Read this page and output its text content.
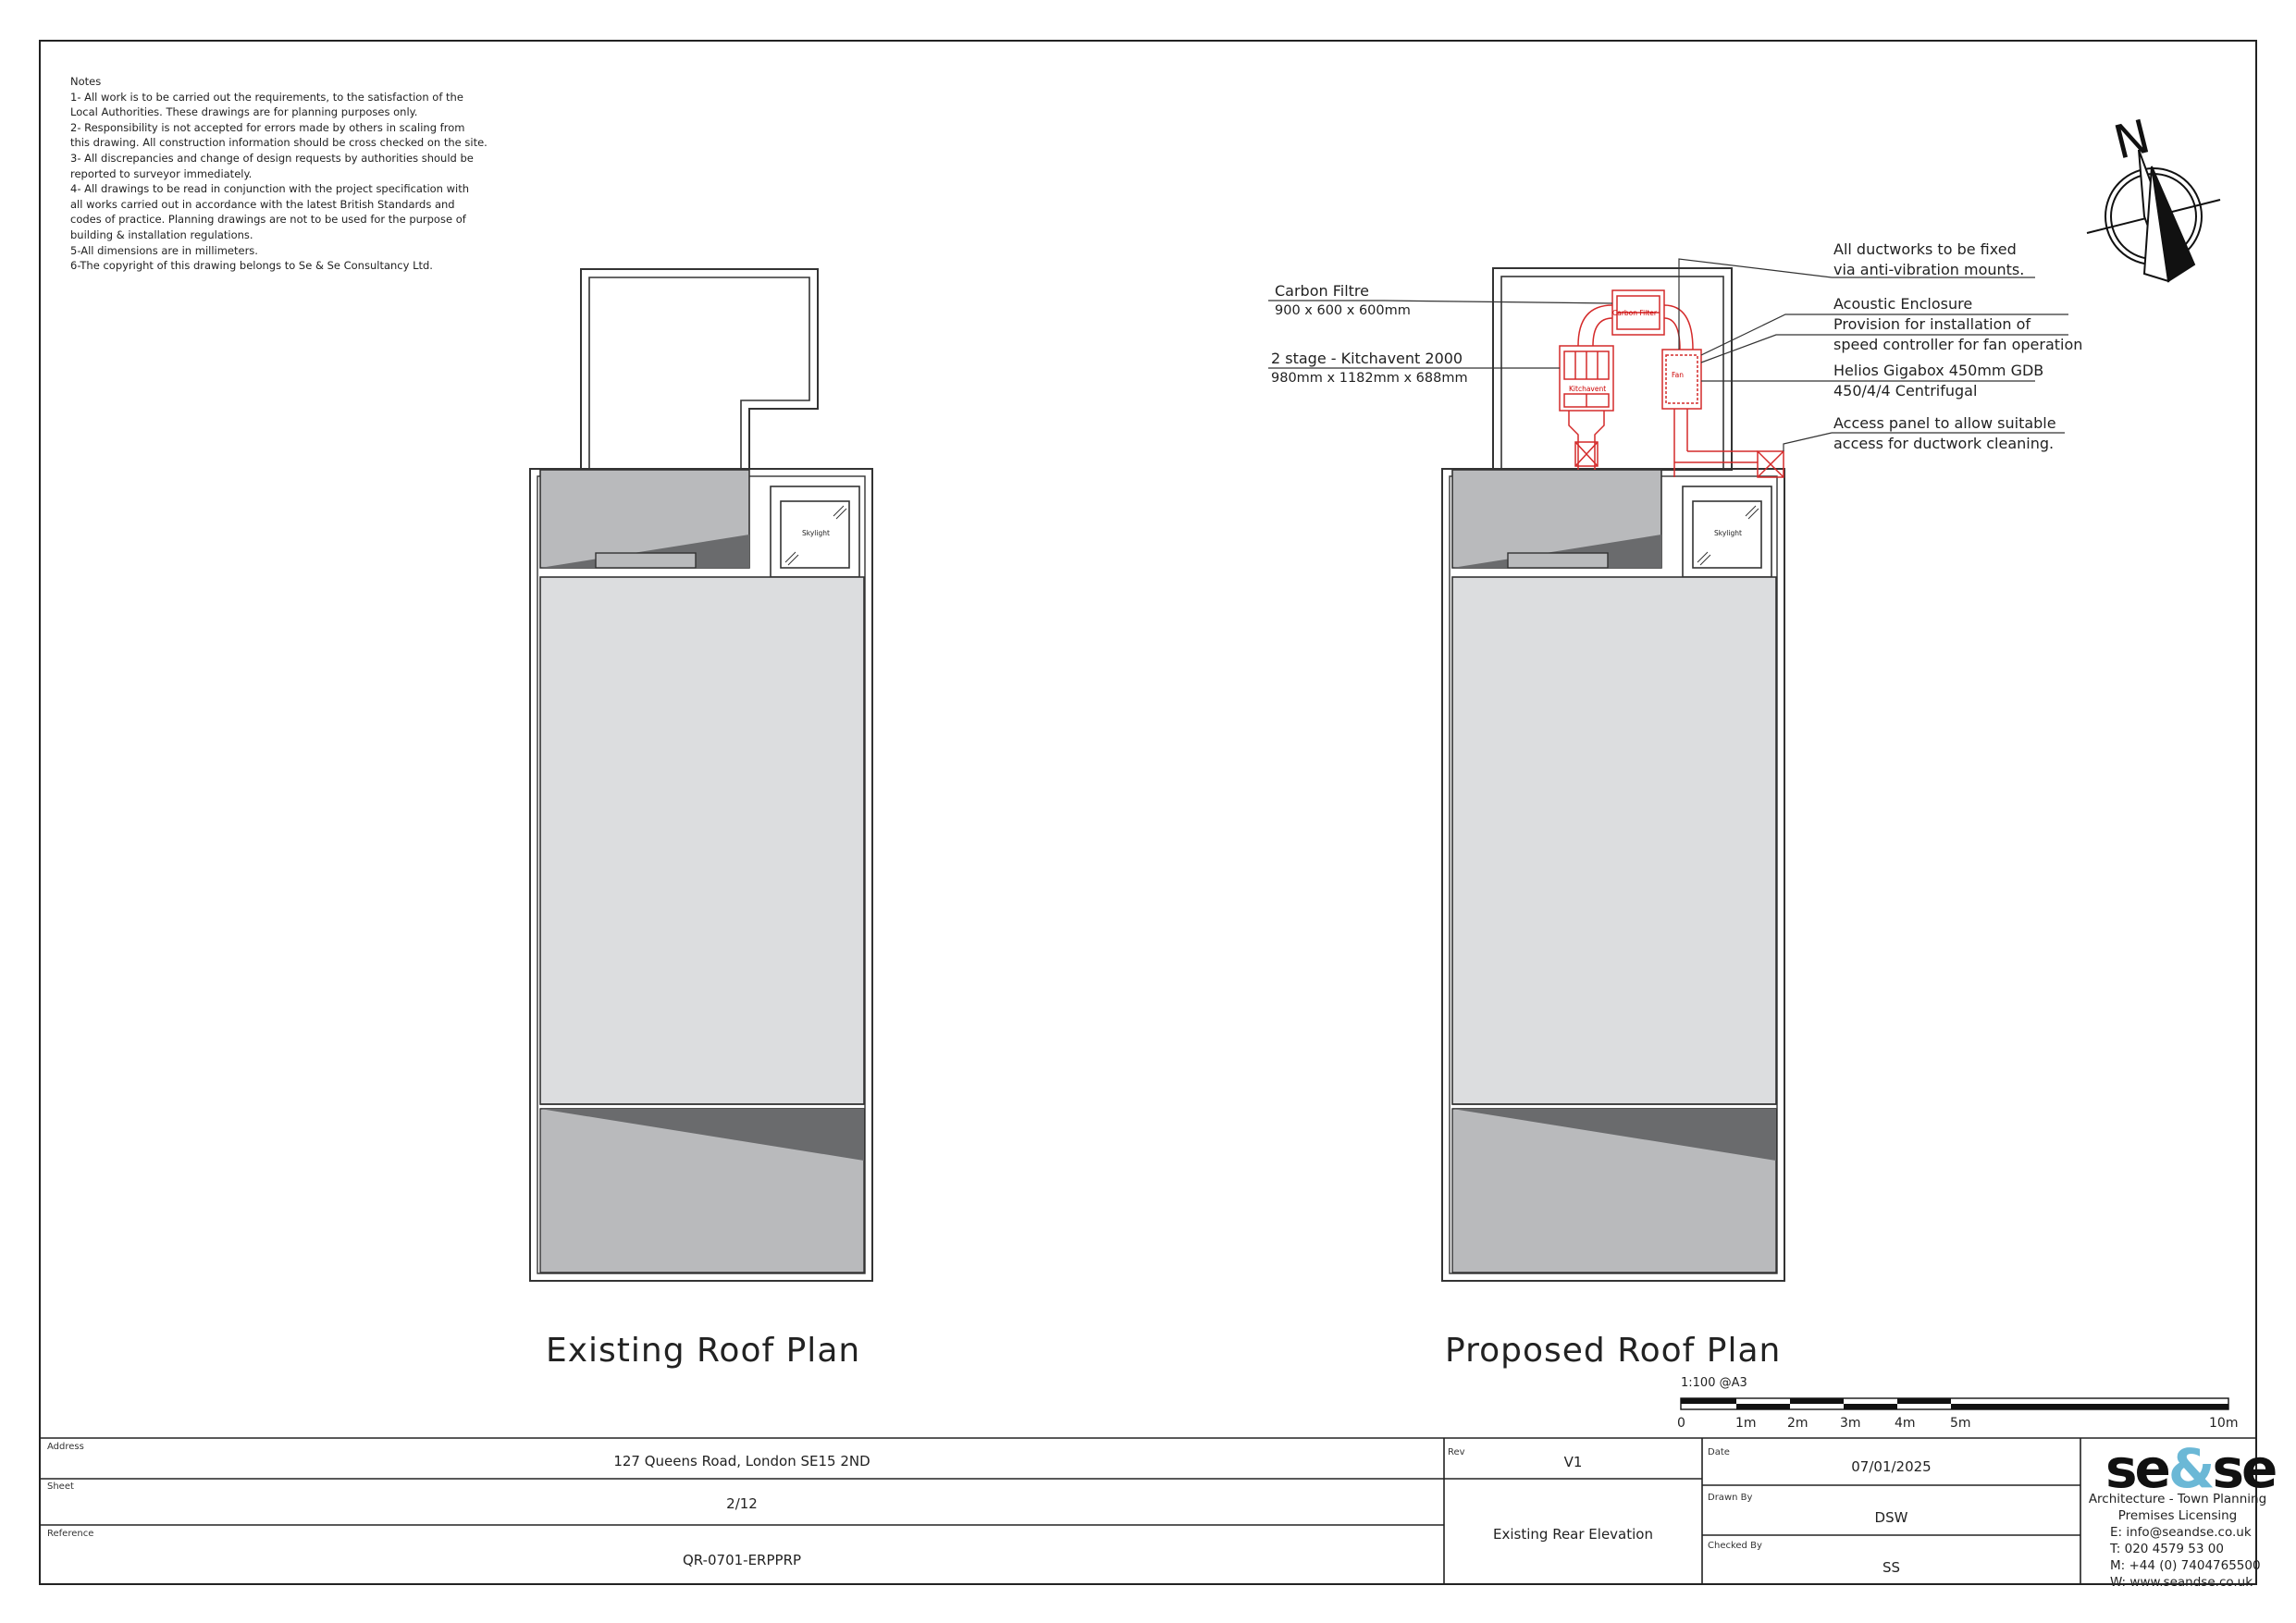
Notes
1- All work is to be carried out the requirements, to the satisfaction of the
Local Authorities. These drawings are for planning purposes only.
2- Responsibility is not accepted for errors made by others in scaling from
this drawing. All construction information should be cross checked on the site.
3- All discrepancies and change of design requests by authorities should be
reported to surveyor immediately.
4- All drawings to be read in conjunction with the project specification with
all works carried out in accordance with the latest British Standards and
codes of practice. Planning drawings are not to be used for the purpose of
building & installation regulations.
5-All dimensions are in millimeters.
6-The copyright of this drawing belongs to Se & Se Consultancy Ltd.
N
Skylight	Skylight
Carbon Filter
Kitchavent
Fan
Carbon Filtre
900 x 600 x 600mm
2 stage - Kitchavent 2000
980mm x 1182mm x 688mm
All ductworks to be fixed
via anti-vibration mounts.
Acoustic Enclosure
Provision for installation of
speed controller for fan operation
Helios Gigabox 450mm GDB
450/4/4 Centrifugal
Access panel to allow suitable
access for ductwork cleaning.
Existing Roof Plan	Proposed Roof Plan
1:100 @A3
0	1m 2m 3m	4m	5m	10m
Address
127 Queens Road, London SE15 2ND
Sheet
2/12
Reference
QR-0701-ERPPRP
Rev
V1
Existing Rear Elevation
Date
07/01/2025
Drawn By
DSW
Checked By
SS
se&se
Architecture - Town Planning
Premises Licensing
E: info@seandse.co.uk
T: 020 4579 53 00
M: +44 (0) 7404765500
W: www.seandse.co.uk
